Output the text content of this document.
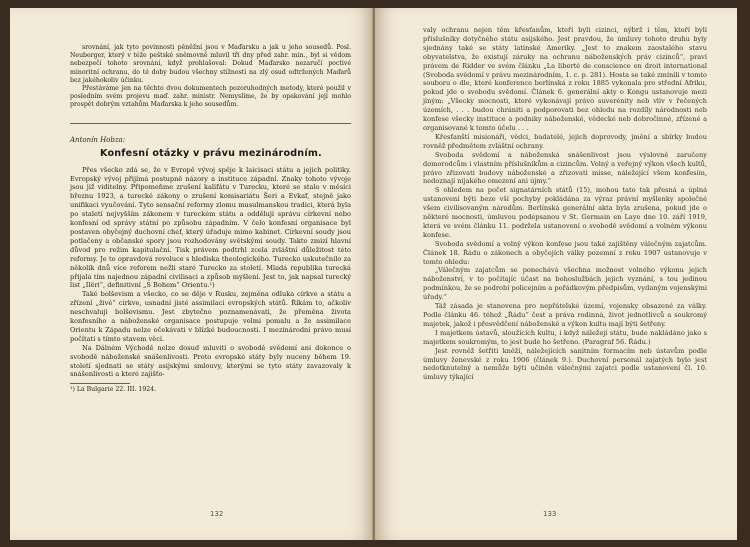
srovnání, jak tyto povinnosti pěněžní jsou v Maďarsku a jak u jeho sousedů. Posl. Neuberger, který v téže peštské sněmovně mluvil tři dny před zahr. min., byl si vědom nebezpečí tohoto srovnání, když prohlašoval: Dokud Maďarsko nezaručí poctivé minoritní ochranu, do té doby budou všechny stížnosti na zlý osud odtržených Maďarů bez jakéhokoliv účinku.

Přestáváme jen na těchto dvou dokumentech pozoruhodných metody, které použil v posledním svém projevu maď. zahr. ministr. Nemyslíme, že by opakování její mohlo prospět dobrým vztahům Maďarska k jeho sousedům.

Antonín Hobza:
Konfesní otázky v právu mezinárodním.

Přes všecko zdá se, že v Evropě vývoj spěje k laicisaci státu a jejich politiky. Evropský vývoj přijímá postupně názory a instituce západní. Znaky tohoto vývoje jsou již viditelny. Připomeňme zrušení kalifátu v Turecku, které se stalo v měsíci březnu 1923, a turecké zákony o zrušení komisariátu Šeri a Evkaf, stejně jako unifikaci vyučování. Tyto sensační reformy zlomu musulmanskou tradici, která byla po staletí nejvyšším zákonem v tureckém státu a oddělují správu církevní nebo konfesní od správy státní po způsobu západním. V čelo konfesní organisace byl postaven obyčejný duchovní chef, který úřaduje mimo kabinet. Církevní soudy jsou potlačeny a občanské spory jsou rozhodovány světskými soudy. Takto zmizí hlavní důvod pro režim kapitulační. Tisk právem podtrhl zcela zvláštní důležitost této reformy. Je to opravdová revoluce s hlediska theologického. Turecko uskutečnilo za několik dnů více reforem nežli staré Turecko za století. Mladá republika turecká přijala tím najednou západní civilisaci a způsob myšlení. Jest to, jak napsal turecký list „Ilëri“, definitivní „S Bohem“ Orientu.¹)

Také bolševism a všecko, co se děje v Rusku, zejména odluka církve a státu a zřízení „živé“ církve, usnadní jisté assimilaci evropských států. Říkám to, ačkoliv neschvaluji bolševismu. Jest zbytečno poznamenávati, že přeměna života konfesního a náboženské organisace postupuje velmi pomalu a že assimilace Orientu k Západu nelze očekávati v blízké budoucnosti. I mezinárodní právo musí počítati s tímto stavem věcí.

Na Dálném Východě nelze dosud mluviti o svobodě svědomí ani dokonce o svobodě náboženské snášenlivosti. Proto evropské státy byly nuceny během 19. století sjednati se státy asijskými smlouvy, kterými se tyto státy zavazovaly k snášenlivosti a které zajišťo-

¹) La Bulgarie 22. III. 1924.
132

valy ochranu nejen těm křesťanům, kteří byli cizinci, nýbrž i těm, kteří byli příslušníky dotyčného státu asijského. Jest pravdou, že úmluvy tohoto druhu byly sjednány také se státy latinské Ameriky. „Jest to znakem zaostalého stavu obyvatelstva, že existují záruky na ochranu náboženských práv cizinců“, praví právem de Ridder ve svém článku „La liberté de conscience en droit international (Svoboda svědomí v právu mezinárodním, 1. c. p. 281). Hosta se také zmínili v tomto souboru o dle, které konference berlínská z roku 1885 vykonala pro střední Afriku, pokud jde o svobodu svědomí. Článek 6. generální akty o Kongu ustanovuje mezi jiným: „Všecky mocnosti, které vykonávají právo suverénity neb vliv v řečených územích, . . . budou chrániti a podporovati bez ohledu na rozdíly národnosti neb konfese všecky instituce a podniky náboženské, vědecké neb dobročinné, zřízené a organisované k tomto účelu . . .

Křesťanští misionáři, vědci, badatelé, jejich doprovody, jmění a sbírky budou rovněž předmětem zvláštní ochrany.

Svoboda svědomí a náboženská snášenlivost jsou výslovně zaručeny domorodcům i vlastním příslušníkům a cizincům. Volný a veřejný výkon všech kultů, právo zřizovati budovy náboženské a zřizovati misse, náležející všem konfesím, nedoznají nijakého omezení ani újmy.“

S ohledem na počet signatárních států (15), mohou tato tak přesná a úplná ustanovení býti beze vší pochyby pokládána za výraz právní myšlenky společné všem civilisovaným národům. Berlínská generální akta byla zrušena, pokud jde o některé mocnosti, úmluvou podepsanou v St. Germain en Laye dne 10. září 1919, která ve svém článku 11. podržela ustanovení o svobodě svědomí a volném výkonu konfese.

Svoboda svědomí a volný výkon konfese jsou také zajištěny válečným zajatcům. Článek 18. Řádu o zákonech a obyčejích války pozemní z roku 1907 ustanovuje v tomto ohledu:

„Válečným zajatcům se ponechává všechna možnost volného výkonu jejich náboženství, v to počítajíc účast na bohoslužbách jejich vyznání, s tou jedinou podmínkou, že se podrobí policejním a pořádkovým předpisům, vydaným vojenskými úřady.“

Táž zásada je stanovena pro nepřátelské území, vojensky obsazené za války. Podle článku 46. téhož „Řádu“ čest a práva rodinná, život jednotlivců a soukromý majetek, jakož i přesvědčení náboženské a výkon kultu mají býti šetřeny.

I majetkem ústavů, sloužících kultu, i když náležejí státu, bude nakládáno jako s majetkem soukromým, to jest bude ho šetřeno. (Paragraf 56. Řádu.)

Jest rovněž šetřiti kněží, náležejících sanitním formacím neb ústavům podle úmluvy ženevské z roku 1906 (článek 9.). Duchovní personál zajatých bylo jest nedotknutelný a nemůže býti učiněn válečnými zajatci podle ustanovení čl. 10. úmluvy týkající

133
